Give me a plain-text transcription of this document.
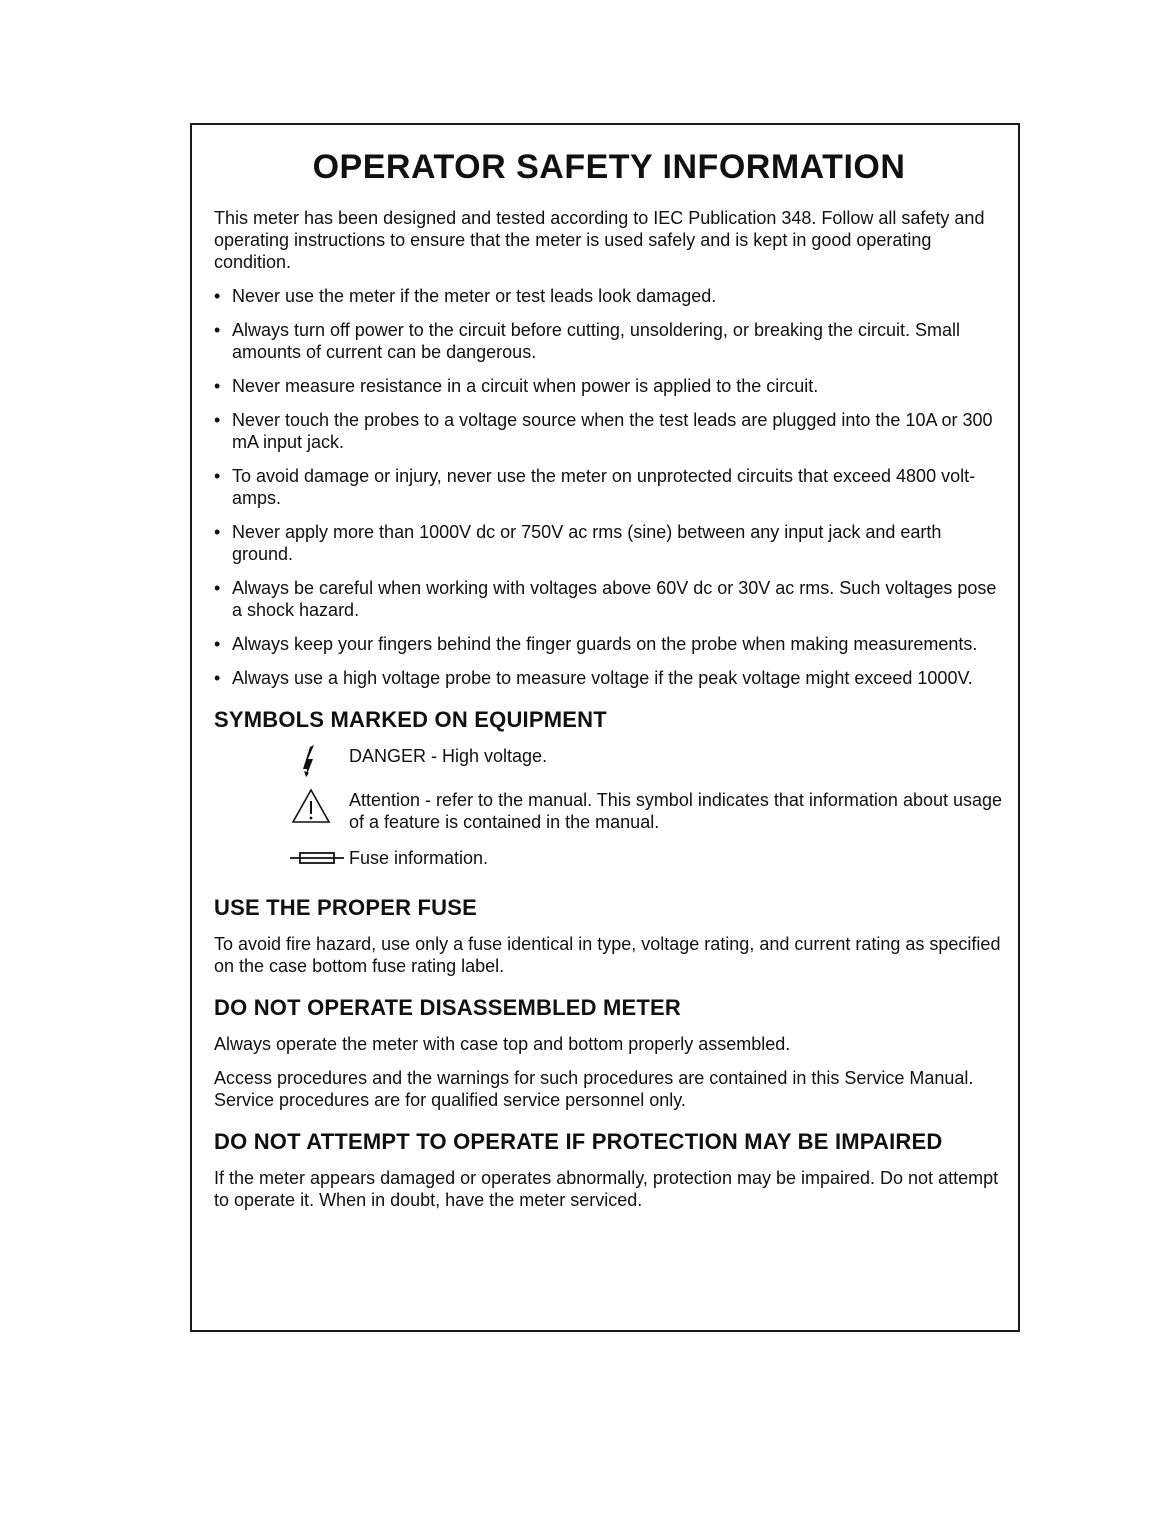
OPERATOR SAFETY INFORMATION

This meter has been designed and tested according to IEC Publication 348. Follow all safety and operating instructions to ensure that the meter is used safely and is kept in good operating condition.

• Never use the meter if the meter or test leads look damaged.
• Always turn off power to the circuit before cutting, unsoldering, or breaking the circuit. Small amounts of current can be dangerous.
• Never measure resistance in a circuit when power is applied to the circuit.
• Never touch the probes to a voltage source when the test leads are plugged into the 10A or 300 mA input jack.
• To avoid damage or injury, never use the meter on unprotected circuits that exceed 4800 volt-amps.
• Never apply more than 1000V dc or 750V ac rms (sine) between any input jack and earth ground.
• Always be careful when working with voltages above 60V dc or 30V ac rms. Such voltages pose a shock hazard.
• Always keep your fingers behind the finger guards on the probe when making measurements.
• Always use a high voltage probe to measure voltage if the peak voltage might exceed 1000V.
SYMBOLS MARKED ON EQUIPMENT
DANGER - High voltage.
Attention - refer to the manual. This symbol indicates that information about usage of a feature is contained in the manual.
Fuse information.
USE THE PROPER FUSE

To avoid fire hazard, use only a fuse identical in type, voltage rating, and current rating as specified on the case bottom fuse rating label.

DO NOT OPERATE DISASSEMBLED METER

Always operate the meter with case top and bottom properly assembled.

Access procedures and the warnings for such procedures are contained in this Service Manual. Service procedures are for qualified service personnel only.

DO NOT ATTEMPT TO OPERATE IF PROTECTION MAY BE IMPAIRED

If the meter appears damaged or operates abnormally, protection may be impaired. Do not attempt to operate it. When in doubt, have the meter serviced.
